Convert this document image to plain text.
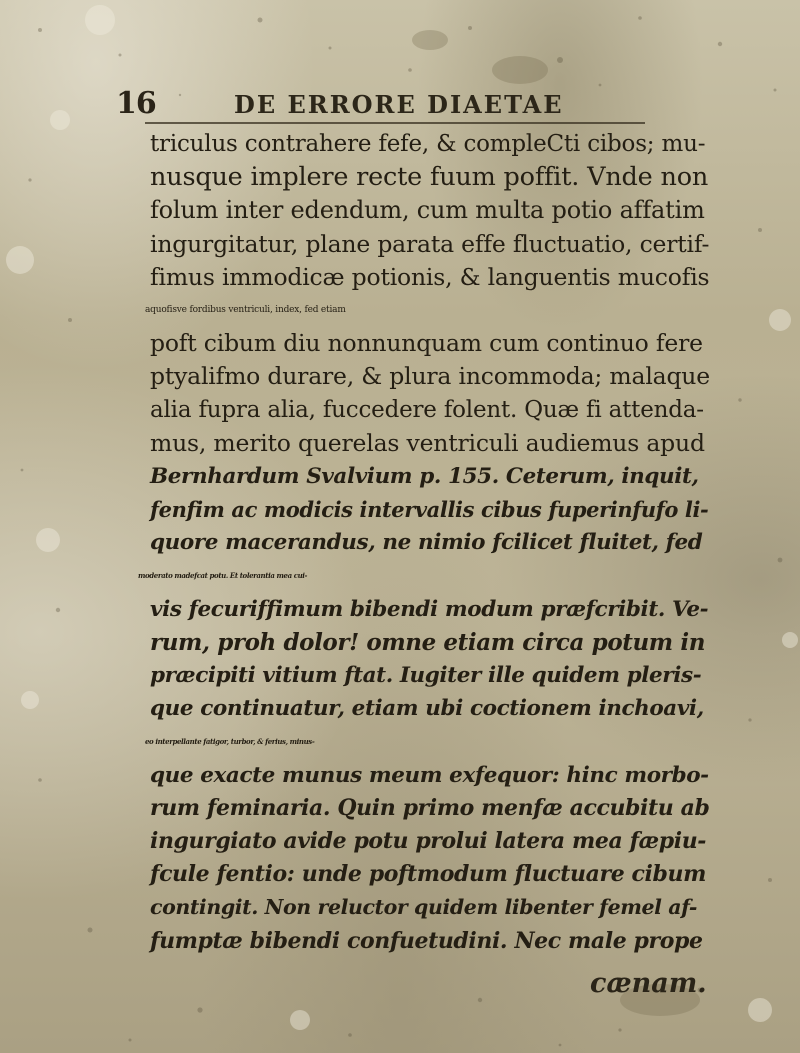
16	DE ERRORE DIAETAE
triculus contrahere fefe, & compleCti cibos; mu-
nusque implere recte fuum poffit. Vnde non
folum inter edendum, cum multa potio affatim
ingurgitatur, plane parata effe fluctuatio, certif-
fimus immodicæ potionis, & languentis mucofis
aquofisve fordibus ventriculi, index, fed etiam
poft cibum diu nonnunquam cum continuo fere
ptyalifmo durare, & plura incommoda; malaque
alia fupra alia, fuccedere folent. Quæ fi attenda-
mus, merito querelas ventriculi audiemus apud
Bernhardum Svalvium p. 155. Ceterum, inquit,
fenfim ac modicis intervallis cibus fuperinfufo li-
quore macerandus, ne nimio fcilicet fluitet, fed
moderato madefcat potu. Et tolerantia mea cui-
vis fecuriffimum bibendi modum præfcribit. Ve-
rum, proh dolor! omne etiam circa potum in
præcipiti vitium ftat. Iugiter ille quidem pleris-
que continuatur, etiam ubi coctionem inchoavi,
eo interpellante fatigor, turbor, & ferius, minus-
que exacte munus meum exfequor: hinc morbo-
rum feminaria. Quin primo menfæ accubitu ab
ingurgiato avide potu prolui latera mea fæpiu-
fcule fentio: unde poftmodum fluctuare cibum
contingit. Non reluctor quidem libenter femel af-
fumptæ bibendi confuetudini. Nec male prope
cænam.
